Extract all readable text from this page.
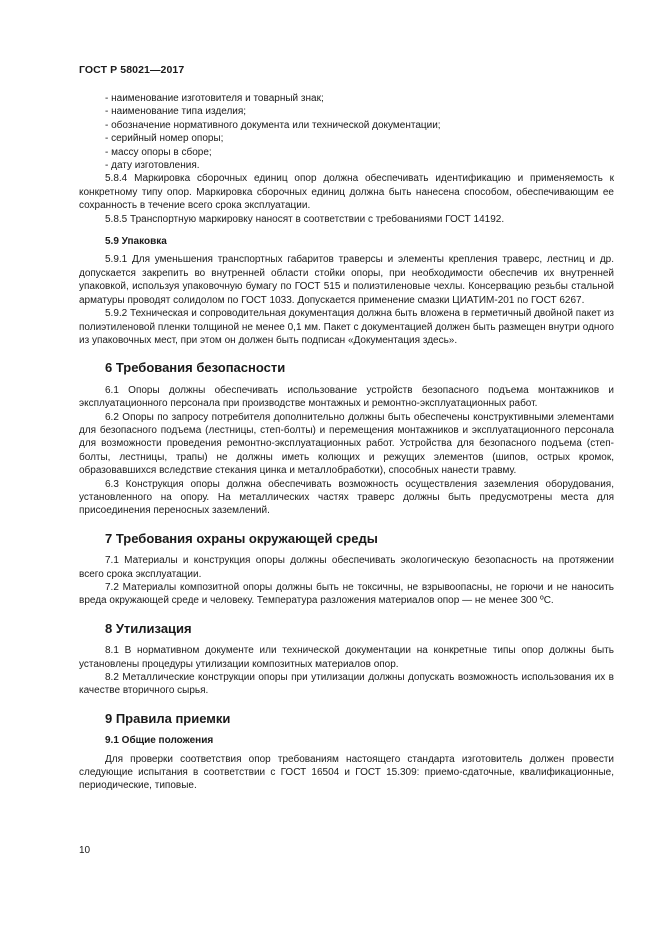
ГОСТ Р 58021—2017

- наименование изготовителя и товарный знак;

- наименование типа изделия;

- обозначение нормативного документа или технической документации;

- серийный номер опоры;

- массу опоры в сборе;

- дату изготовления.

5.8.4 Маркировка сборочных единиц опор должна обеспечивать идентификацию и применяемость к конкретному типу опор. Маркировка сборочных единиц должна быть нанесена способом, обеспечивающим ее сохранность в течение всего срока эксплуатации.

5.8.5 Транспортную маркировку наносят в соответствии с требованиями ГОСТ 14192.

5.9 Упаковка

5.9.1 Для уменьшения транспортных габаритов траверсы и элементы крепления траверс, лестниц и др. допускается закрепить во внутренней области стойки опоры, при необходимости обеспечив их внутренней упаковкой, используя упаковочную бумагу по ГОСТ 515 и полиэтиленовые чехлы. Консервацию резьбы стальной арматуры проводят солидолом по ГОСТ 1033. Допускается применение смазки ЦИАТИМ-201 по ГОСТ 6267.

5.9.2 Техническая и сопроводительная документация должна быть вложена в герметичный двойной пакет из полиэтиленовой пленки толщиной не менее 0,1 мм. Пакет с документацией должен быть размещен внутри одного из упаковочных мест, при этом он должен быть подписан «Документация здесь».

6 Требования безопасности

6.1 Опоры должны обеспечивать использование устройств безопасного подъема монтажников и эксплуатационного персонала при производстве монтажных и ремонтно-эксплуатационных работ.

6.2 Опоры по запросу потребителя дополнительно должны быть обеспечены конструктивными элементами для безопасного подъема (лестницы, степ-болты) и перемещения монтажников и эксплуатационного персонала для возможности проведения ремонтно-эксплуатационных работ. Устройства для безопасного подъема (степ-болты, лестницы, трапы) не должны иметь колющих и режущих элементов (шипов, острых кромок, образовавшихся вследствие стекания цинка и металлобработки), способных нанести травму.

6.3 Конструкция опоры должна обеспечивать возможность осуществления заземления оборудования, установленного на опору. На металлических частях траверс должны быть предусмотрены места для присоединения переносных заземлений.

7 Требования охраны окружающей среды

7.1 Материалы и конструкция опоры должны обеспечивать экологическую безопасность на протяжении всего срока эксплуатации.

7.2 Материалы композитной опоры должны быть не токсичны, не взрывоопасны, не горючи и не наносить вреда окружающей среде и человеку. Температура разложения материалов опор — не менее 300 ºС.

8 Утилизация

8.1 В нормативном документе или технической документации на конкретные типы опор должны быть установлены процедуры утилизации композитных материалов опор.

8.2 Металлические конструкции опоры при утилизации должны допускать возможность использования их в качестве вторичного сырья.

9 Правила приемки
9.1 Общие положения

Для проверки соответствия опор требованиям настоящего стандарта изготовитель должен провести следующие испытания в соответствии с ГОСТ 16504 и ГОСТ 15.309: приемо-сдаточные, квалификационные, периодические, типовые.

10
